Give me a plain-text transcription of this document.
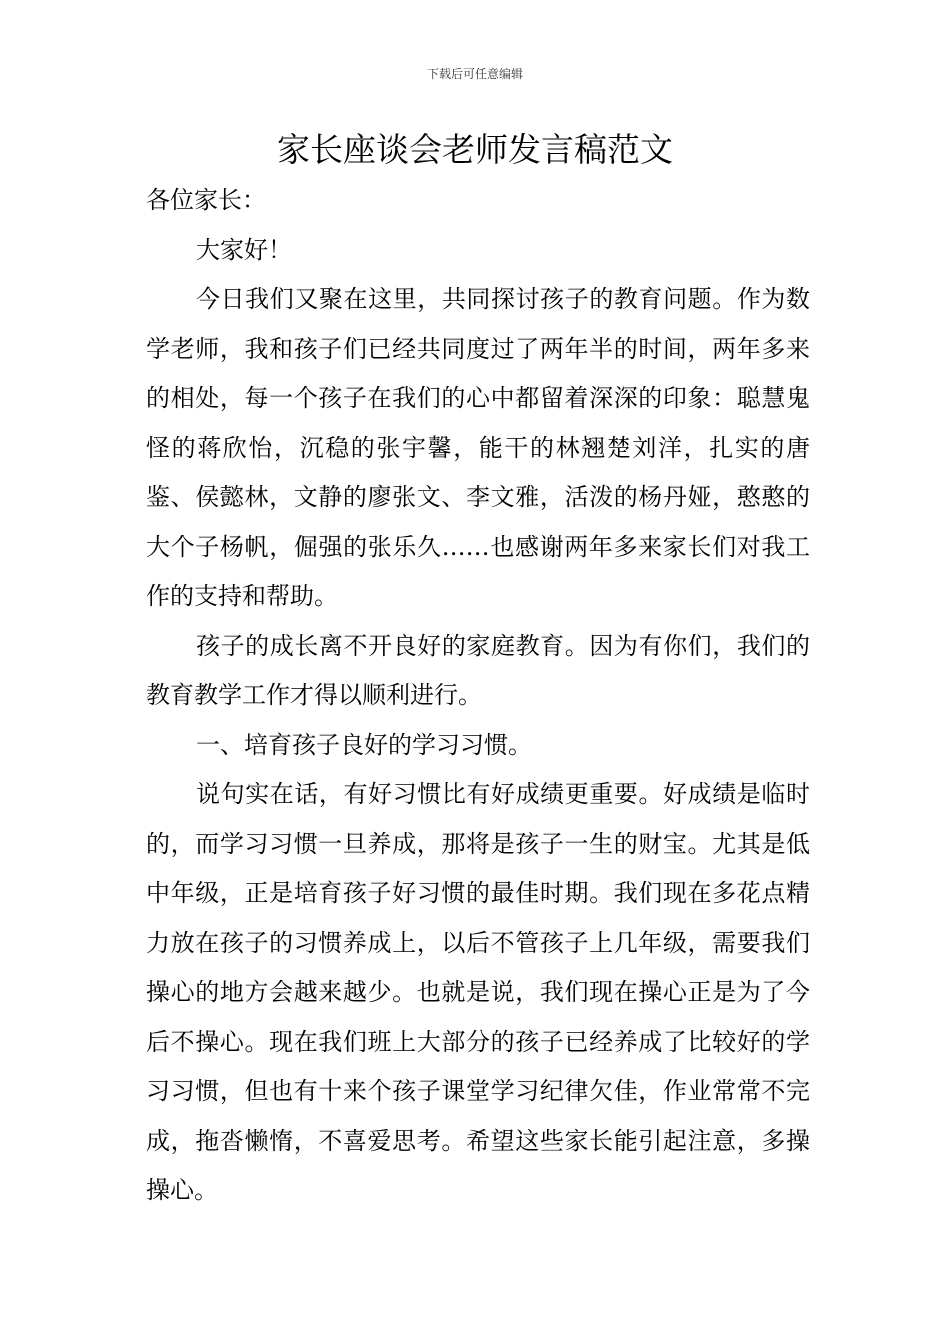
下载后可任意编辑
家长座谈会老师发言稿范文

各位家长：

大家好！

今日我们又聚在这里，共同探讨孩子的教育问题。作为数学老师，我和孩子们已经共同度过了两年半的时间，两年多来的相处，每一个孩子在我们的心中都留着深深的印象：聪慧鬼怪的蒋欣怡，沉稳的张宇馨，能干的林翘楚刘洋，扎实的唐鉴、侯懿林，文静的廖张文、李文雅，活泼的杨丹娅，憨憨的大个子杨帆，倔强的张乐久……也感谢两年多来家长们对我工作的支持和帮助。

孩子的成长离不开良好的家庭教育。因为有你们，我们的教育教学工作才得以顺利进行。

一、培育孩子良好的学习习惯。

说句实在话，有好习惯比有好成绩更重要。好成绩是临时的，而学习习惯一旦养成，那将是孩子一生的财宝。尤其是低中年级，正是培育孩子好习惯的最佳时期。我们现在多花点精力放在孩子的习惯养成上，以后不管孩子上几年级，需要我们操心的地方会越来越少。也就是说，我们现在操心正是为了今后不操心。现在我们班上大部分的孩子已经养成了比较好的学习习惯，但也有十来个孩子课堂学习纪律欠佳，作业常常不完成，拖沓懒惰，不喜爱思考。希望这些家长能引起注意，多操操心。
